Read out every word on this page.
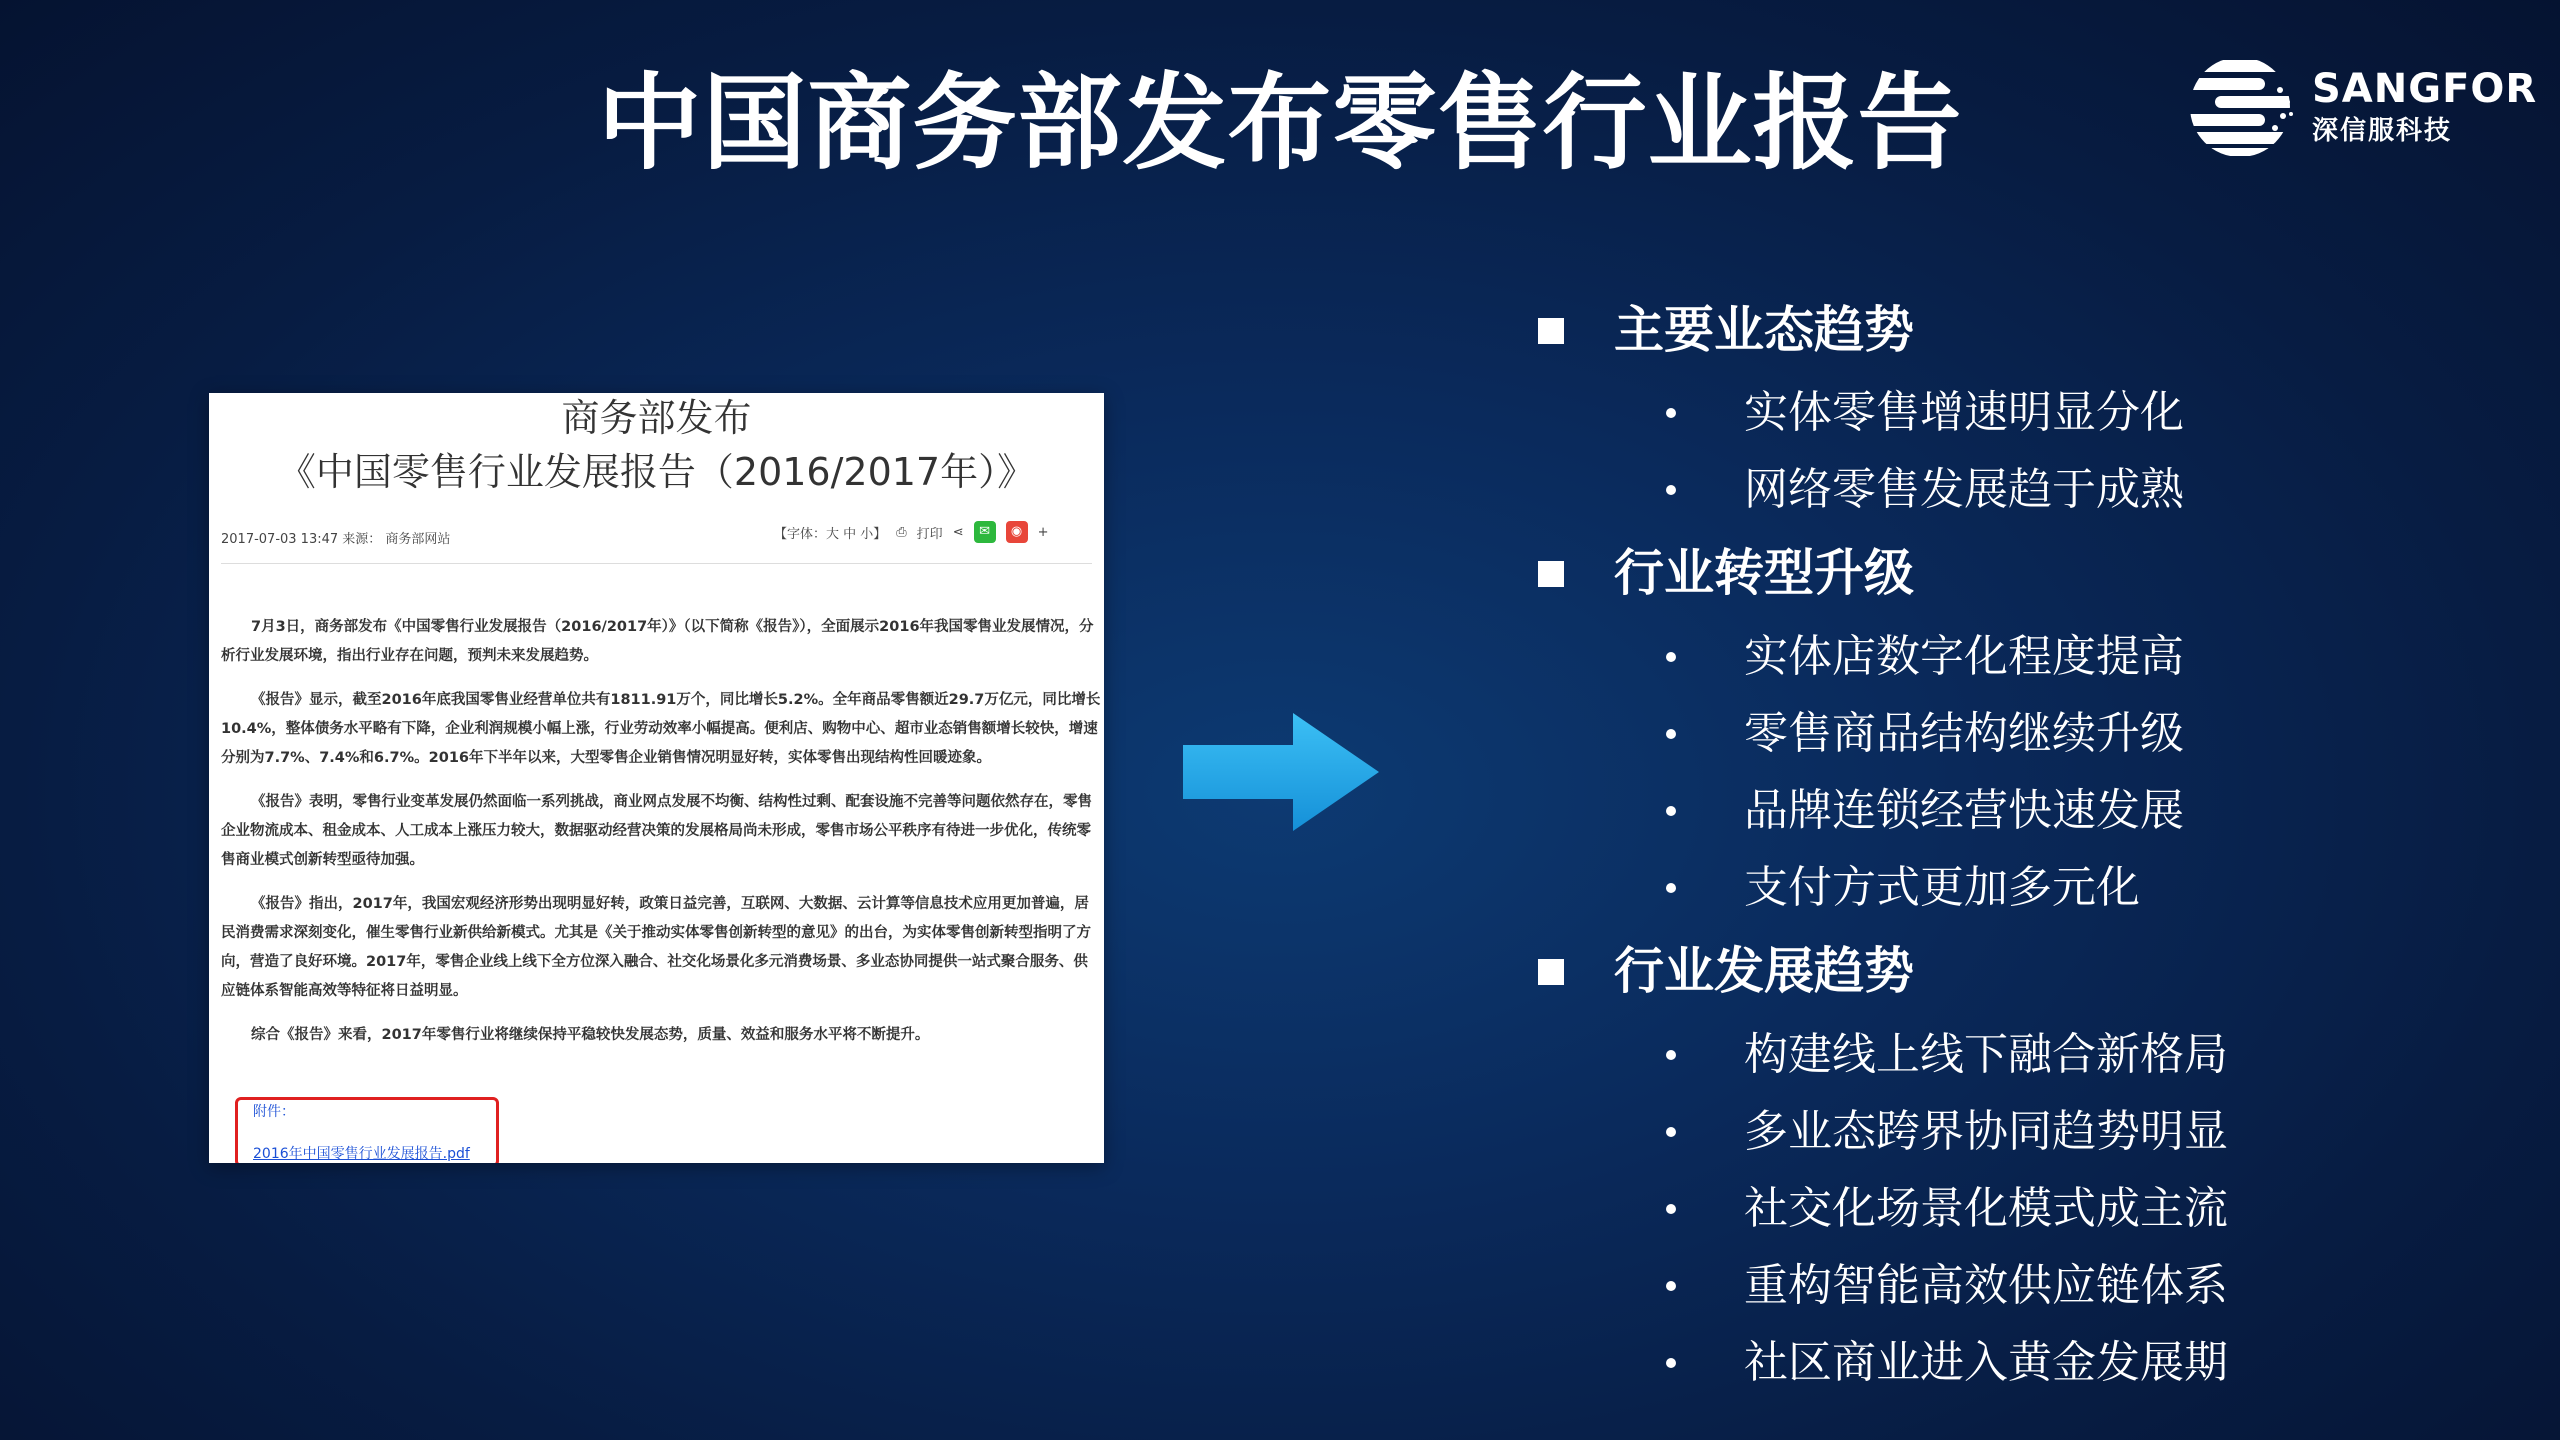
中国商务部发布零售行业报告	SANGFOR
深信服科技
商务部发布
《中国零售行业发展报告（2016/2017年）》
2017-07-03 13:47 来源： 商务部网站	【字体：大 中 小】 ⎙ 打印 ⋖	✉	◉	+

7月3日，商务部发布《中国零售行业发展报告（2016/2017年）》（以下简称《报告》），全面展示2016年我国零售业发展情况，分析行业发展环境，指出行业存在问题，预判未来发展趋势。

《报告》显示，截至2016年底我国零售业经营单位共有1811.91万个，同比增长5.2%。全年商品零售额近29.7万亿元，同比增长10.4%，整体债务水平略有下降，企业利润规模小幅上涨，行业劳动效率小幅提高。便利店、购物中心、超市业态销售额增长较快，增速分别为7.7%、7.4%和6.7%。2016年下半年以来，大型零售企业销售情况明显好转，实体零售出现结构性回暖迹象。

《报告》表明，零售行业变革发展仍然面临一系列挑战，商业网点发展不均衡、结构性过剩、配套设施不完善等问题依然存在，零售企业物流成本、租金成本、人工成本上涨压力较大，数据驱动经营决策的发展格局尚未形成，零售市场公平秩序有待进一步优化，传统零售商业模式创新转型亟待加强。

《报告》指出，2017年，我国宏观经济形势出现明显好转，政策日益完善，互联网、大数据、云计算等信息技术应用更加普遍，居民消费需求深刻变化，催生零售行业新供给新模式。尤其是《关于推动实体零售创新转型的意见》的出台，为实体零售创新转型指明了方向，营造了良好环境。2017年，零售企业线上线下全方位深入融合、社交化场景化多元消费场景、多业态协同提供一站式聚合服务、供应链体系智能高效等特征将日益明显。

综合《报告》来看，2017年零售行业将继续保持平稳较快发展态势，质量、效益和服务水平将不断提升。

附件：
2016年中国零售行业发展报告.pdf
主要业态趋势
实体零售增速明显分化
网络零售发展趋于成熟
行业转型升级
实体店数字化程度提高
零售商品结构继续升级
品牌连锁经营快速发展
支付方式更加多元化
行业发展趋势
构建线上线下融合新格局
多业态跨界协同趋势明显
社交化场景化模式成主流
重构智能高效供应链体系
社区商业进入黄金发展期
